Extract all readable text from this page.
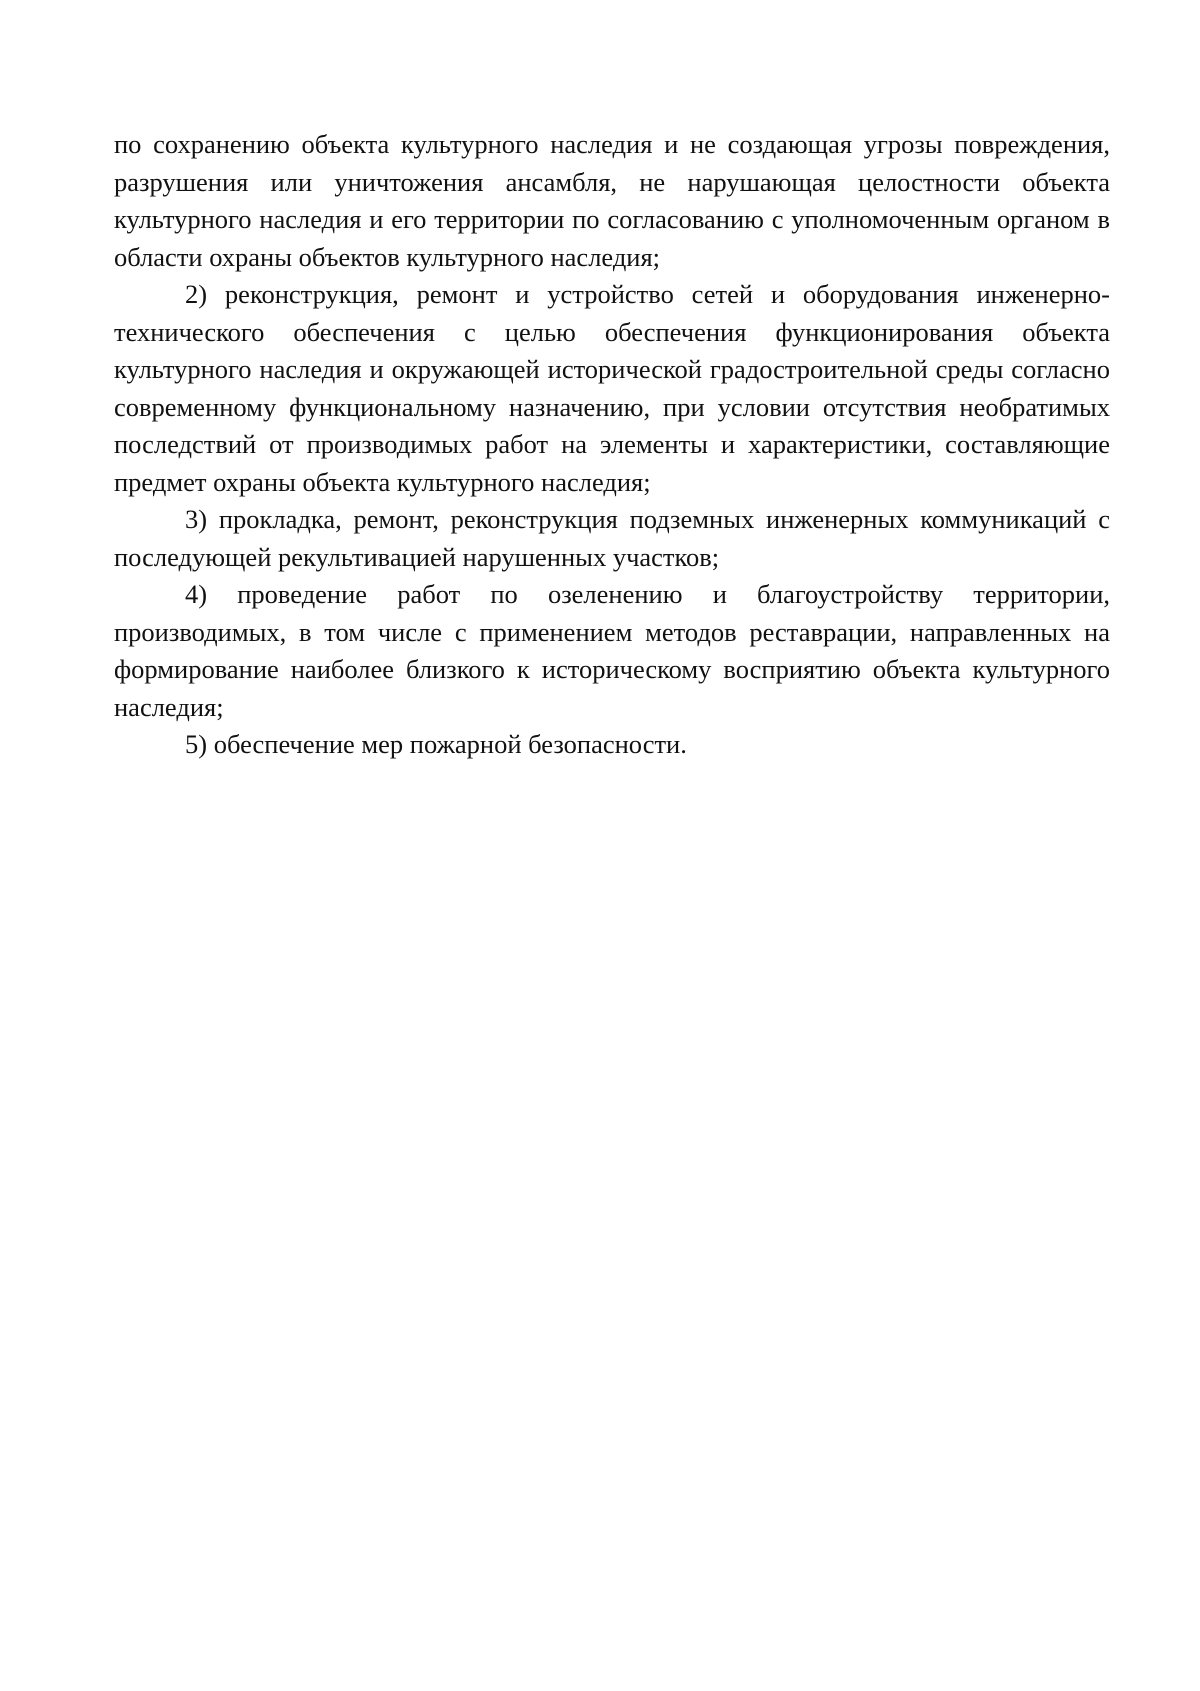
по сохранению объекта культурного наследия и не создающая угрозы повреждения, разрушения или уничтожения ансамбля, не нарушающая целостности объекта культурного наследия и его территории по согласованию с уполномоченным органом в области охраны объектов культурного наследия;

2) реконструкция, ремонт и устройство сетей и оборудования инженерно-технического обеспечения с целью обеспечения функционирования объекта культурного наследия и окружающей исторической градостроительной среды согласно современному функциональному назначению, при условии отсутствия необратимых последствий от производимых работ на элементы и характеристики, составляющие предмет охраны объекта культурного наследия;

3) прокладка, ремонт, реконструкция подземных инженерных коммуникаций с последующей рекультивацией нарушенных участков;

4) проведение работ по озеленению и благоустройству территории, производимых, в том числе с применением методов реставрации, направленных на формирование наиболее близкого к историческому восприятию объекта культурного наследия;

5) обеспечение мер пожарной безопасности.
